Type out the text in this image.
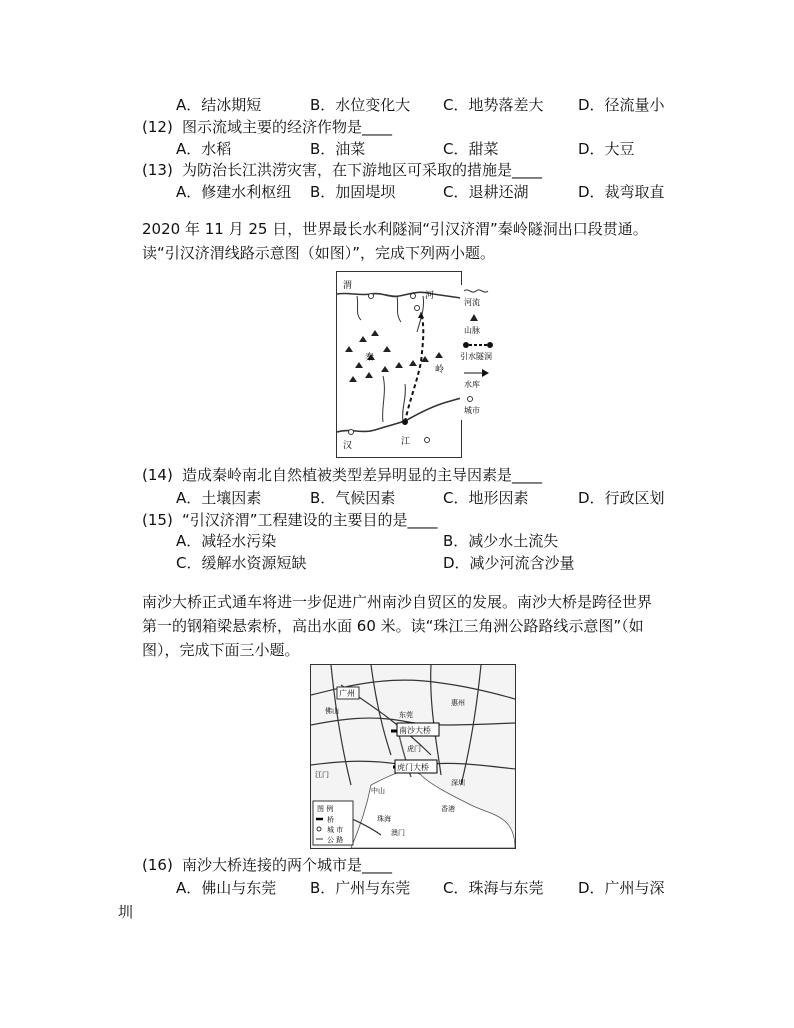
A．结冰期短	B．水位变化大 C．地势落差大 D．径流量小
(12) 图示流域主要的经济作物是____
A．水稻	B．油菜	C．甜菜	D．大豆
(13) 为防治长江洪涝灾害，在下游地区可采取的措施是____
A．修建水利枢纽 B．加固堤坝	C．退耕还湖	D．裁弯取直
2020 年 11 月 25 日，世界最长水利隧洞“引汉济渭”秦岭隧洞出口段贯通。
读“引汉济渭线路示意图（如图）”，完成下列两小题。
渭
河
汉	江
秦
岭
河流
山脉
引水隧洞
水库
城市
(14) 造成秦岭南北自然植被类型差异明显的主导因素是____
A．土壤因素	B．气候因素	C．地形因素	D．行政区划
(15) “引汉济渭”工程建设的主要目的是____
A．减轻水污染	B．减少水土流失
C．缓解水资源短缺	D．减少河流含沙量
南沙大桥正式通车将进一步促进广州南沙自贸区的发展。南沙大桥是跨径世界
第一的钢箱梁悬索桥，高出水面 60 米。读“珠江三角洲公路路线示意图”（如
图），完成下面三小题。
广州
佛山
惠州
东莞
南沙大桥
虎门
虎门大桥
深圳
江门
中山
香港
珠海
澳门
图 例
桥
城 市
公 路
(16) 南沙大桥连接的两个城市是____
A．佛山与东莞 B．广州与东莞 C．珠海与东莞 D．广州与深
圳
